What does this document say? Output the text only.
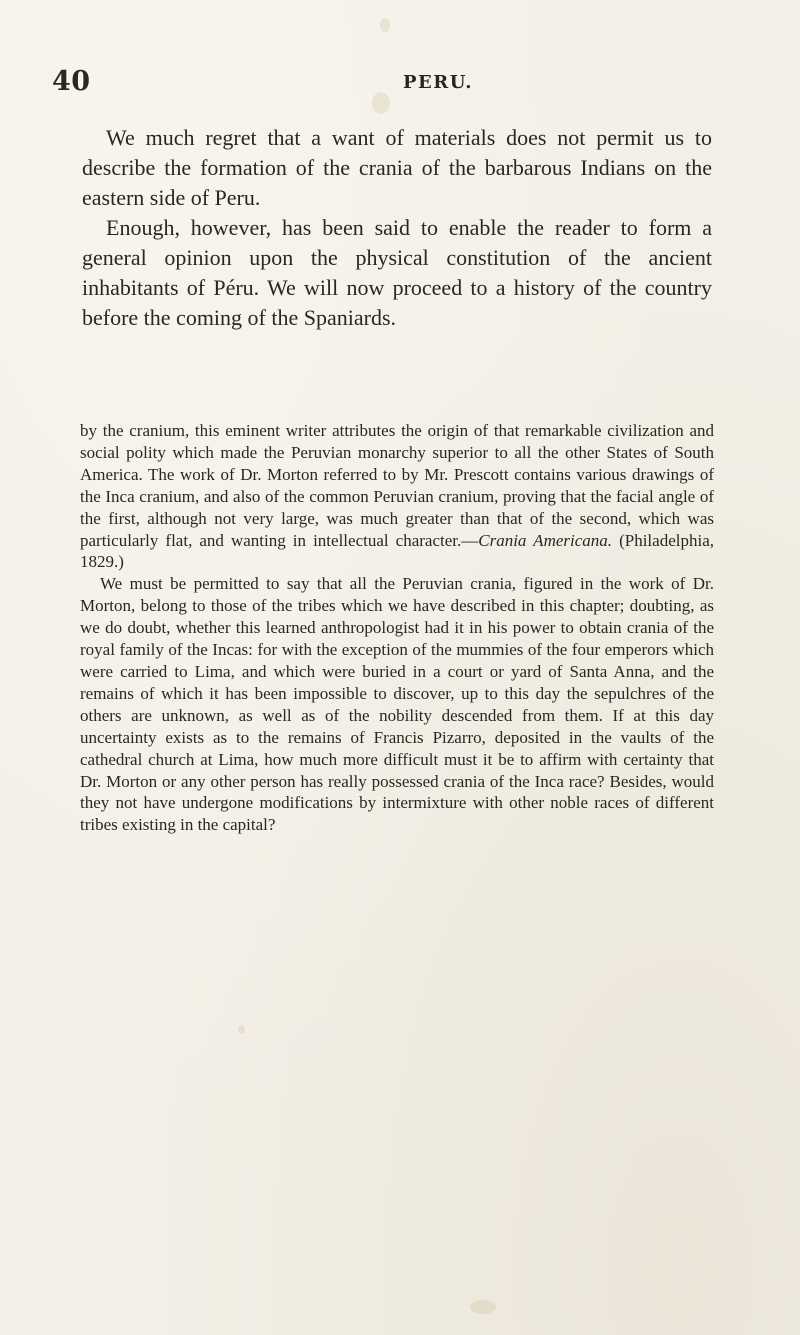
40	PERU.

We much regret that a want of materials does not permit us to describe the formation of the crania of the barbarous Indians on the eastern side of Peru.

Enough, however, has been said to enable the reader to form a general opinion upon the physical constitution of the ancient inhabitants of Péru. We will now proceed to a history of the country before the coming of the Spaniards.

by the cranium, this eminent writer attributes the origin of that remarkable civilization and social polity which made the Peruvian monarchy superior to all the other States of South America. The work of Dr. Morton referred to by Mr. Prescott contains various drawings of the Inca cranium, and also of the common Peruvian cranium, proving that the facial angle of the first, although not very large, was much greater than that of the second, which was particularly flat, and wanting in intellectual character.—Crania Americana. (Philadelphia, 1829.)

We must be permitted to say that all the Peruvian crania, figured in the work of Dr. Morton, belong to those of the tribes which we have described in this chapter; doubting, as we do doubt, whether this learned anthropologist had it in his power to obtain crania of the royal family of the Incas: for with the exception of the mummies of the four emperors which were carried to Lima, and which were buried in a court or yard of Santa Anna, and the remains of which it has been impossible to discover, up to this day the sepulchres of the others are unknown, as well as of the nobility descended from them. If at this day uncertainty exists as to the remains of Francis Pizarro, deposited in the vaults of the cathedral church at Lima, how much more difficult must it be to affirm with certainty that Dr. Morton or any other person has really possessed crania of the Inca race? Besides, would they not have undergone modifications by intermixture with other noble races of different tribes existing in the capital?
